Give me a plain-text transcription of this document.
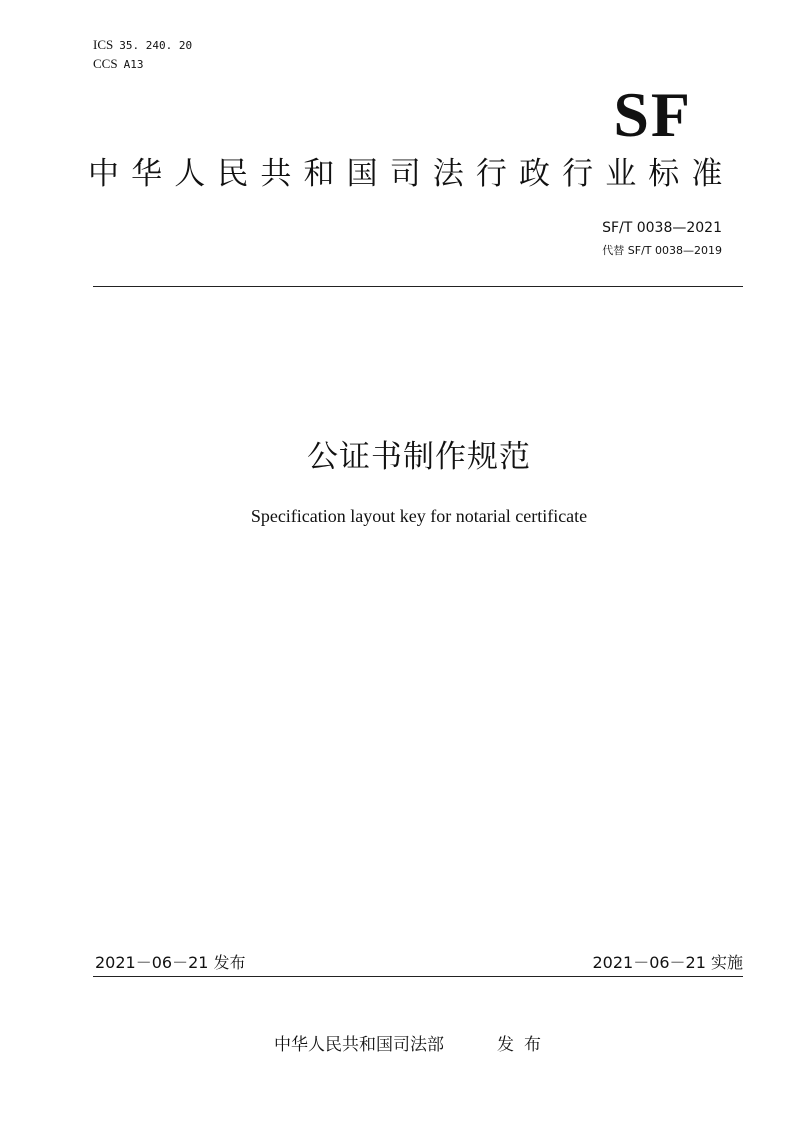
ICS 35. 240. 20
CCS A13
SF
中华人民共和国司法行政行业标准
SF/T 0038—2021
代替 SF/T 0038—2019
公证书制作规范
Specification layout key for notarial certificate
2021－06－21 发布	2021－06－21 实施
中华人民共和国司法部	发布
